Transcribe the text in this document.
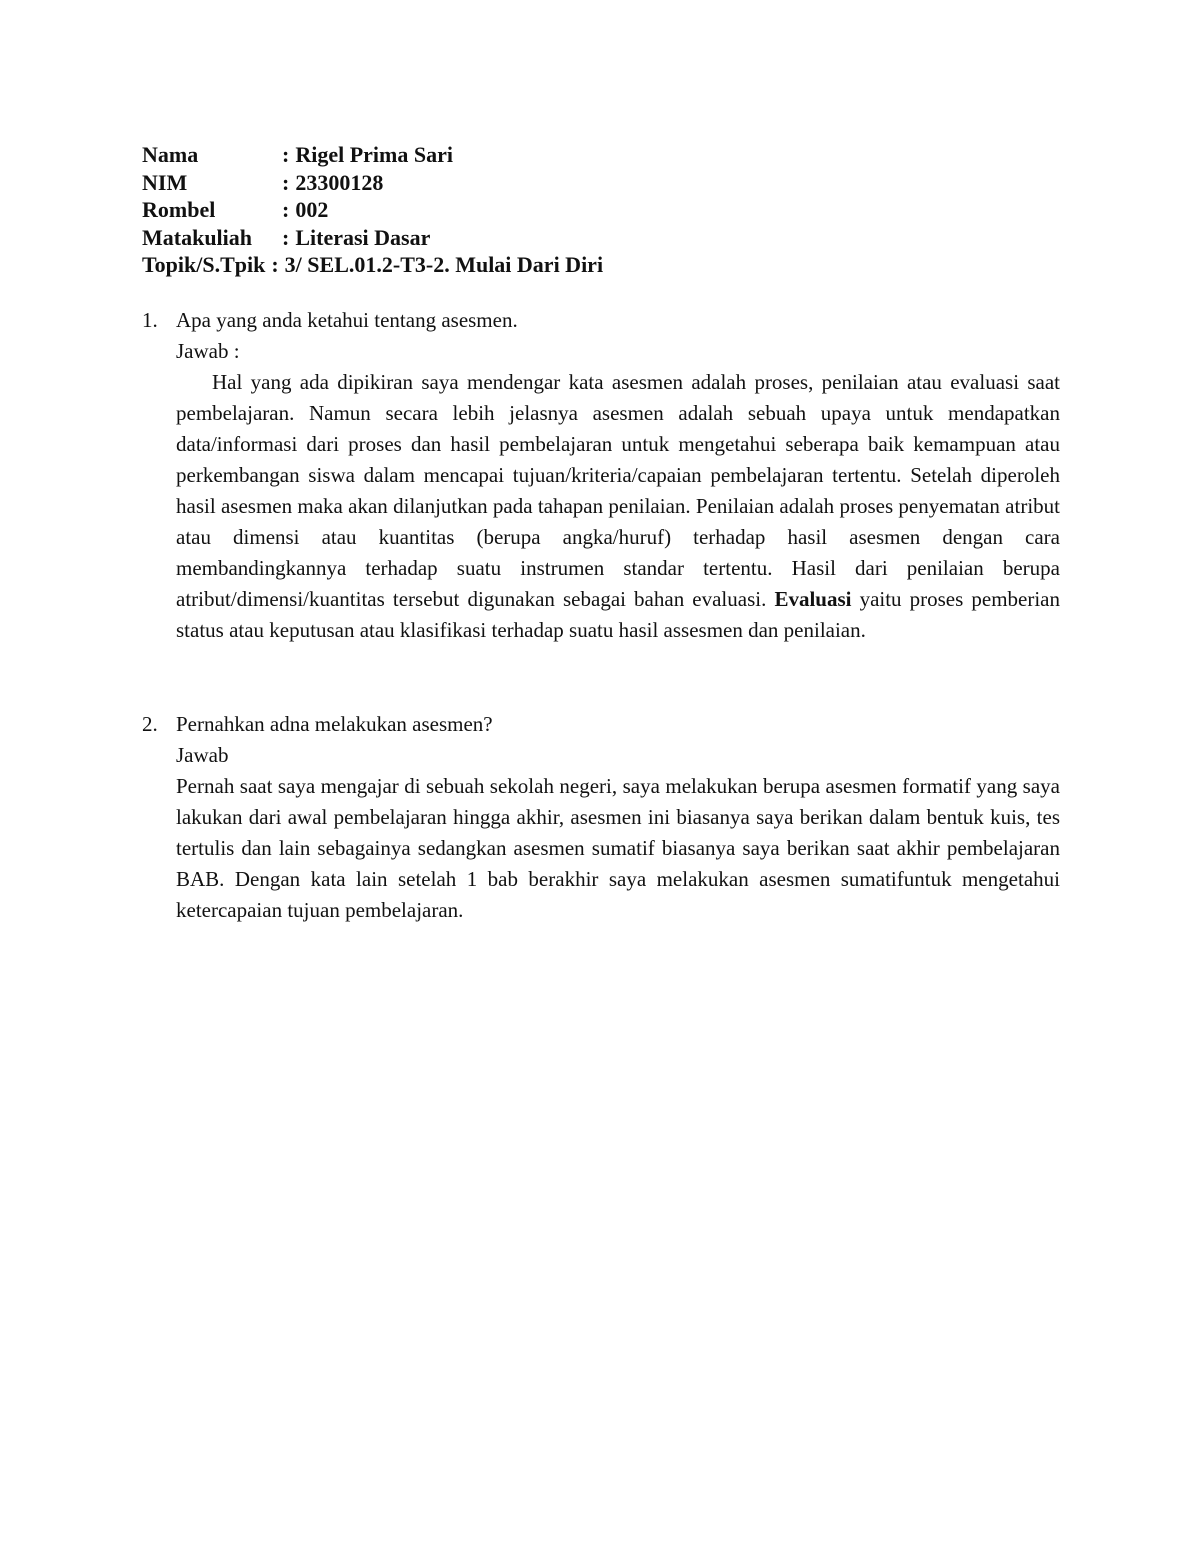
Nama	: Rigel Prima Sari
NIM	: 23300128
Rombel	: 002
Matakuliah	: Literasi Dasar
Topik/S.Tpik : 3/ SEL.01.2-T3-2. Mulai Dari Diri
1. Apa yang anda ketahui tentang asesmen.
Jawab :
Hal yang ada dipikiran saya mendengar kata asesmen adalah proses, penilaian atau evaluasi saat pembelajaran. Namun secara lebih jelasnya asesmen adalah sebuah upaya untuk mendapatkan data/informasi dari proses dan hasil pembelajaran untuk mengetahui seberapa baik kemampuan atau perkembangan siswa dalam mencapai tujuan/kriteria/capaian pembelajaran tertentu. Setelah diperoleh hasil asesmen maka akan dilanjutkan pada tahapan penilaian. Penilaian adalah proses penyematan atribut atau dimensi atau kuantitas (berupa angka/huruf) terhadap hasil asesmen dengan cara membandingkannya terhadap suatu instrumen standar tertentu. Hasil dari penilaian berupa atribut/dimensi/kuantitas tersebut digunakan sebagai bahan evaluasi. Evaluasi yaitu proses pemberian status atau keputusan atau klasifikasi terhadap suatu hasil assesmen dan penilaian.
2. Pernahkan adna melakukan asesmen?
Jawab
Pernah saat saya mengajar di sebuah sekolah negeri, saya melakukan berupa asesmen formatif yang saya lakukan dari awal pembelajaran hingga akhir, asesmen ini biasanya saya berikan dalam bentuk kuis, tes tertulis dan lain sebagainya sedangkan asesmen sumatif biasanya saya berikan saat akhir pembelajaran BAB. Dengan kata lain setelah 1 bab berakhir saya melakukan asesmen sumatifuntuk mengetahui ketercapaian tujuan pembelajaran.
